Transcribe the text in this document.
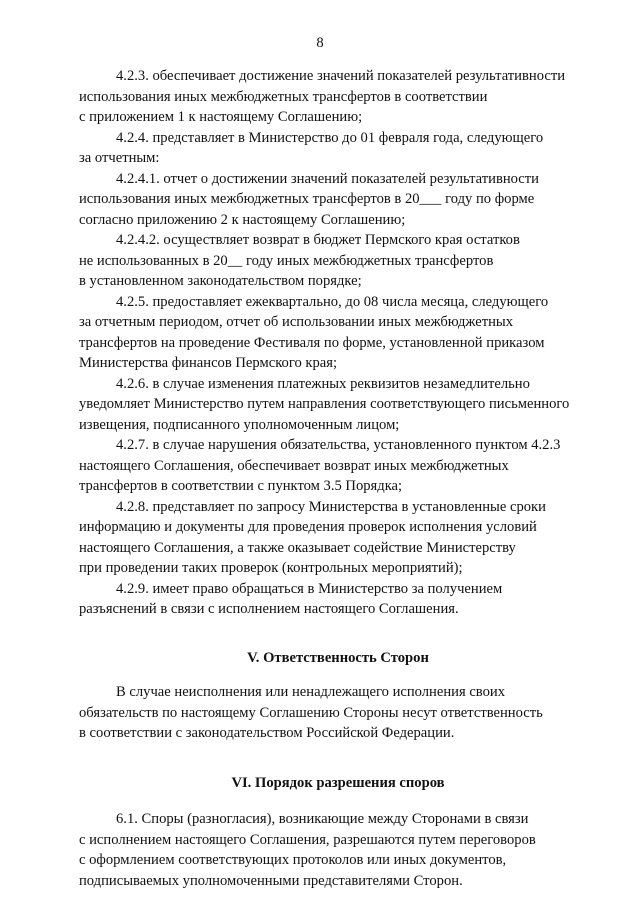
8
4.2.3. обеспечивает достижение значений показателей результативности
использования иных межбюджетных трансфертов в соответствии
с приложением 1 к настоящему Соглашению;
4.2.4. представляет в Министерство до 01 февраля года, следующего
за отчетным:
4.2.4.1. отчет о достижении значений показателей результативности
использования иных межбюджетных трансфертов в 20___ году по форме
согласно приложению 2 к настоящему Соглашению;
4.2.4.2. осуществляет возврат в бюджет Пермского края остатков
не использованных в 20__ году иных межбюджетных трансфертов
в установленном законодательством порядке;
4.2.5. предоставляет ежеквартально, до 08 числа месяца, следующего
за отчетным периодом, отчет об использовании иных межбюджетных
трансфертов на проведение Фестиваля по форме, установленной приказом
Министерства финансов Пермского края;
4.2.6. в случае изменения платежных реквизитов незамедлительно
уведомляет Министерство путем направления соответствующего письменного
извещения, подписанного уполномоченным лицом;
4.2.7. в случае нарушения обязательства, установленного пунктом 4.2.3
настоящего Соглашения, обеспечивает возврат иных межбюджетных
трансфертов в соответствии с пунктом 3.5 Порядка;
4.2.8. представляет по запросу Министерства в установленные сроки
информацию и документы для проведения проверок исполнения условий
настоящего Соглашения, а также оказывает содействие Министерству
при проведении таких проверок (контрольных мероприятий);
4.2.9. имеет право обращаться в Министерство за получением
разъяснений в связи с исполнением настоящего Соглашения.
V. Ответственность Сторон
В случае неисполнения или ненадлежащего исполнения своих
обязательств по настоящему Соглашению Стороны несут ответственность
в соответствии с законодательством Российской Федерации.
VI. Порядок разрешения споров
6.1. Споры (разногласия), возникающие между Сторонами в связи
с исполнением настоящего Соглашения, разрешаются путем переговоров
с оформлением соответствующих протоколов или иных документов,
подписываемых уполномоченными представителями Сторон.
